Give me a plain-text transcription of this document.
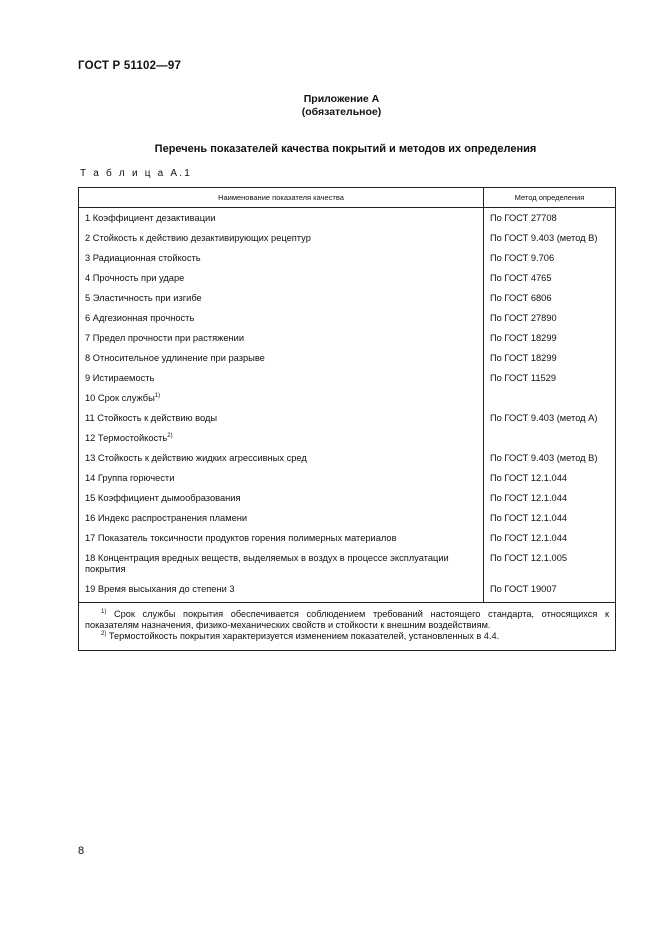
ГОСТ Р 51102—97
Приложение А
(обязательное)
Перечень показателей качества покрытий и методов их определения
Т а б л и ц а А.1
Наименование показателя качества	Метод определения
1 Коэффициент дезактивации	По ГОСТ 27708
2 Стойкость к действию дезактивирующих рецептур	По ГОСТ 9.403 (метод В)
3 Радиационная стойкость	По ГОСТ 9.706
4 Прочность при ударе	По ГОСТ 4765
5 Эластичность при изгибе	По ГОСТ 6806
6 Адгезионная прочность	По ГОСТ 27890
7 Предел прочности при растяжении	По ГОСТ 18299
8 Относительное удлинение при разрыве	По ГОСТ 18299
9 Истираемость	По ГОСТ 11529
10 Срок службы$^{1)}$	
11 Стойкость к действию воды	По ГОСТ 9.403 (метод А)
12 Термостойкость$^{2)}$	
13 Стойкость к действию жидких агрессивных сред	По ГОСТ 9.403 (метод В)
14 Группа горючести	По ГОСТ 12.1.044
15 Коэффициент дымообразования	По ГОСТ 12.1.044
16 Индекс распространения пламени	По ГОСТ 12.1.044
17 Показатель токсичности продуктов горения полимерных материалов	По ГОСТ 12.1.044
18 Концентрация вредных веществ, выделяемых в воздух в процессе эксплуатации покрытия	По ГОСТ 12.1.005
19 Время высыхания до степени 3	По ГОСТ 19007

$^{1)}$ Срок службы покрытия обеспечивается соблюдением требований настоящего стандарта, относящихся к показателям назначения, физико-механических свойств и стойкости к внешним воздействиям.
$^{2)}$ Термостойкость покрытия характеризуется изменением показателей, установленных в 4.4.	
8
